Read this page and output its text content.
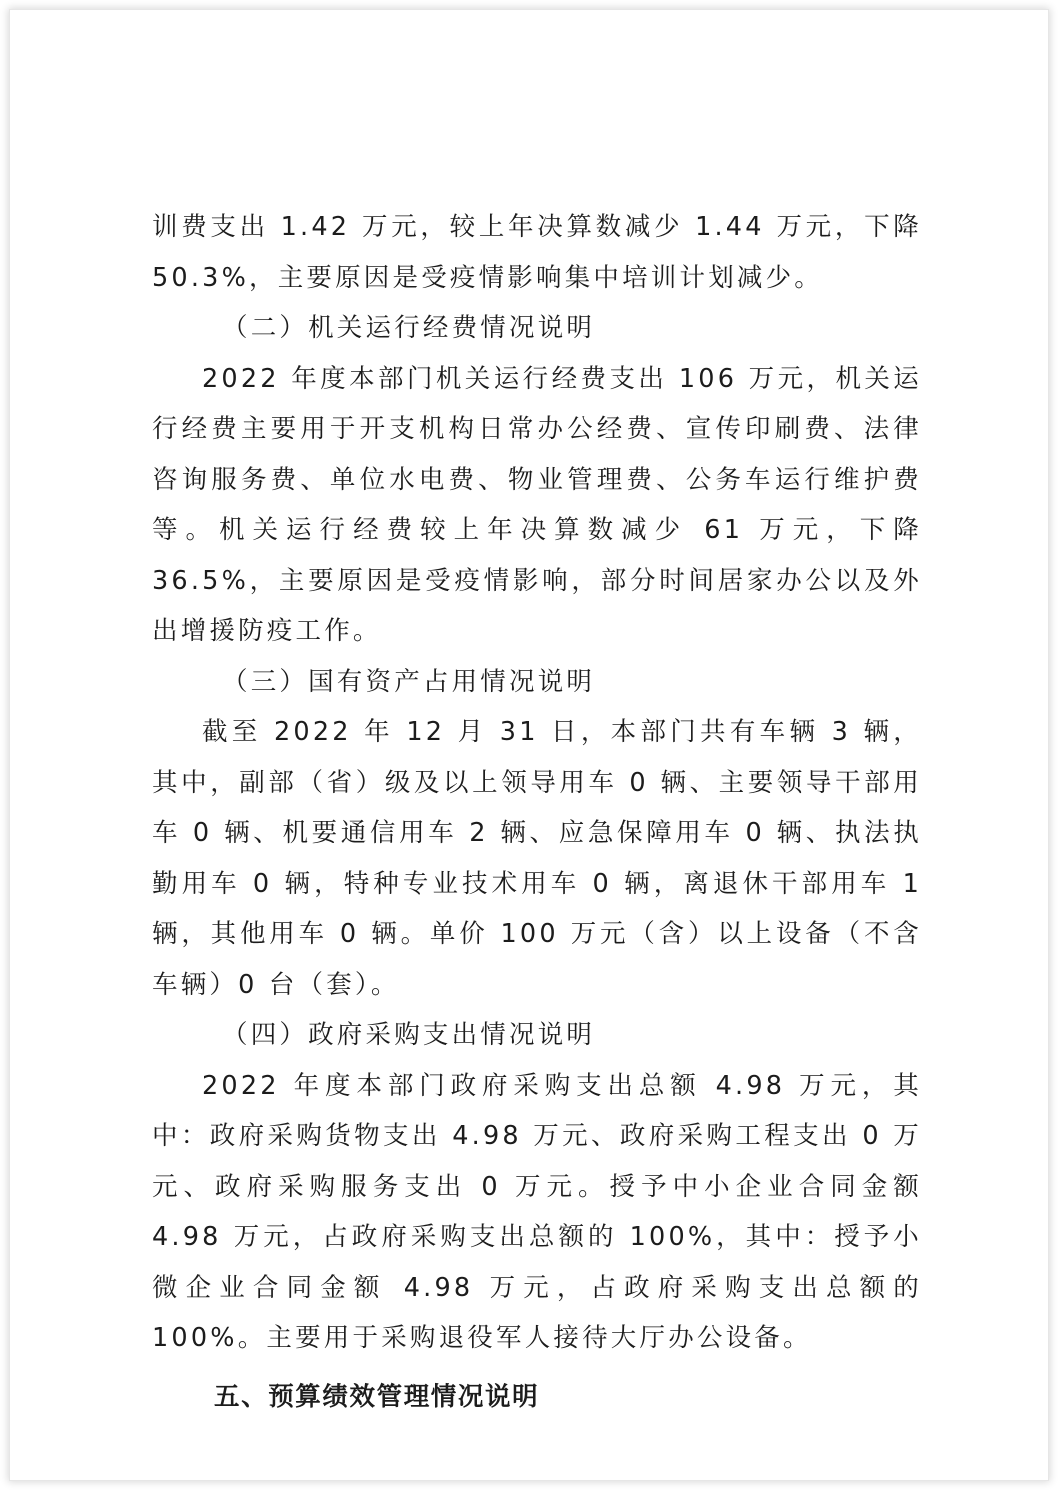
训费支出 1.42 万元，较上年决算数减少 1.44 万元，下降 50.3%，主要原因是受疫情影响集中培训计划减少。

（二）机关运行经费情况说明

2022 年度本部门机关运行经费支出 106 万元，机关运行经费主要用于开支机构日常办公经费、宣传印刷费、法律咨询服务费、单位水电费、物业管理费、公务车运行维护费等。机关运行经费较上年决算数减少 61 万元，下降 36.5%，主要原因是受疫情影响，部分时间居家办公以及外出增援防疫工作。

（三）国有资产占用情况说明

截至 2022 年 12 月 31 日，本部门共有车辆 3 辆，其中，副部（省）级及以上领导用车 0 辆、主要领导干部用车 0 辆、机要通信用车 2 辆、应急保障用车 0 辆、执法执勤用车 0 辆，特种专业技术用车 0 辆，离退休干部用车 1 辆，其他用车 0 辆。单价 100 万元（含）以上设备（不含车辆）0 台（套）。

（四）政府采购支出情况说明

2022 年度本部门政府采购支出总额 4.98 万元，其中：政府采购货物支出 4.98 万元、政府采购工程支出 0 万元、政府采购服务支出 0 万元。授予中小企业合同金额 4.98 万元，占政府采购支出总额的 100%，其中：授予小微企业合同金额 4.98 万元，占政府采购支出总额的 100%。主要用于采购退役军人接待大厅办公设备。

五、预算绩效管理情况说明
